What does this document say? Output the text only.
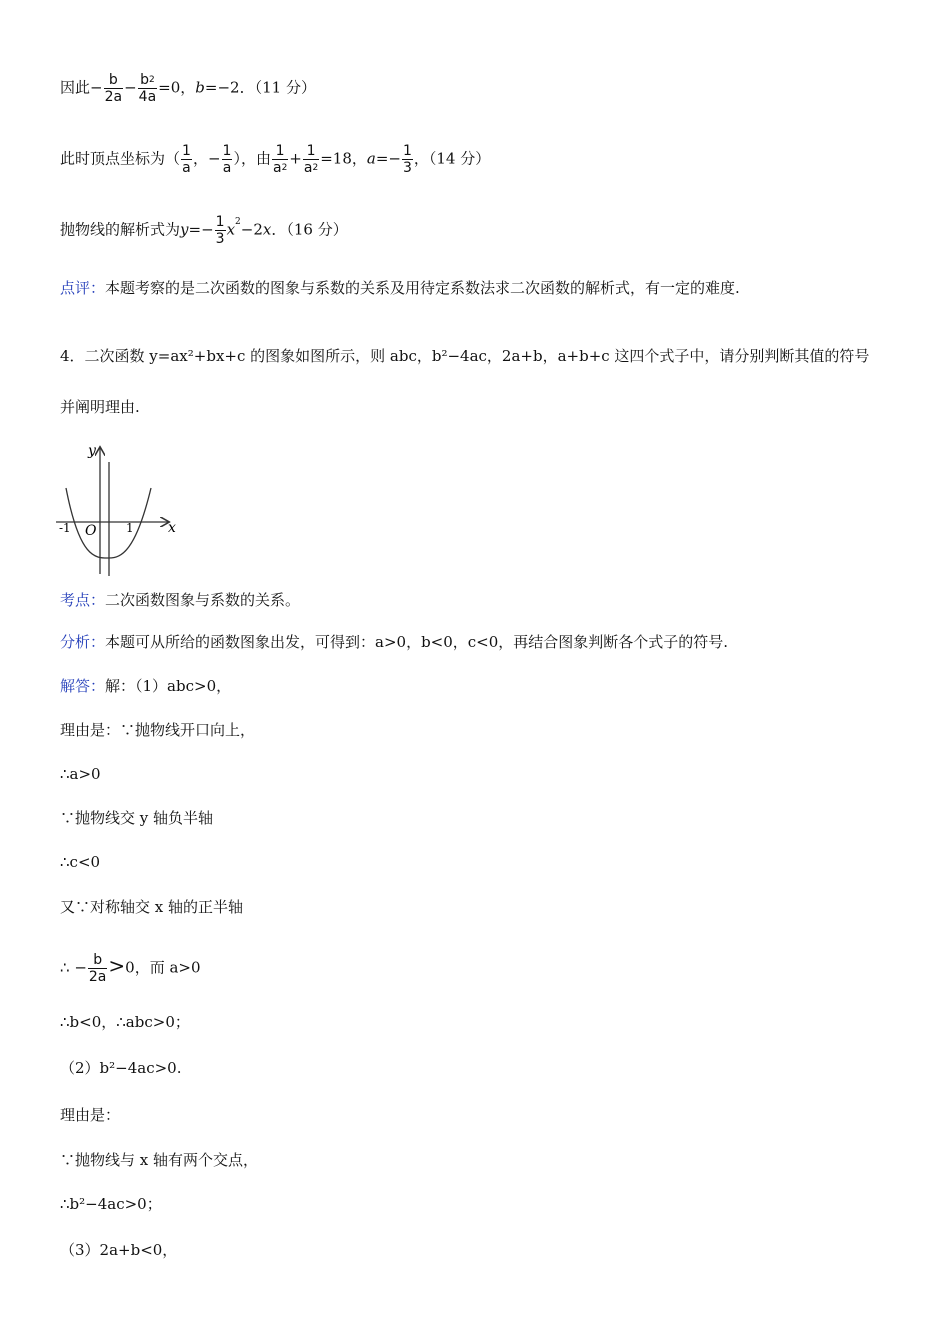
因此− $\frac{b}{2a} - \frac{b^2}{4a} =0$，b=−2．（11 分）
此时顶点坐标为（ $\frac{1}{a}$ ，− $\frac{1}{a}$ ），由 $\frac{1}{a^2} + \frac{1}{a^2} =18$，$a=- \frac{1}{3}$ ，（14 分）
抛物线的解析式为$y=- \frac{1}{3} x^2-2x$．（16 分）
点评：本题考察的是二次函数的图象与系数的关系及用待定系数法求二次函数的解析式，有一定的难度.
4．二次函数 y=ax²+bx+c 的图象如图所示，则 abc，b²−4ac，2a+b，a+b+c 这四个式子中，请分别判断其值的符号
并阐明理由.
y
x
O
-1	1
考点：二次函数图象与系数的关系。
分析：本题可从所给的函数图象出发，可得到：a>0，b<0，c<0，再结合图象判断各个式子的符号.
解答：解：（1）abc>0，
理由是：∵抛物线开口向上，
∴a>0
∵抛物线交 y 轴负半轴
∴c<0
又∵对称轴交 x 轴的正半轴
∴ − $\frac{b}{2a} >0$，而 a>0
∴b<0，∴abc>0；
（2）b²−4ac>0.
理由是：
∵抛物线与 x 轴有两个交点，
∴b²−4ac>0；
（3）2a+b<0，
